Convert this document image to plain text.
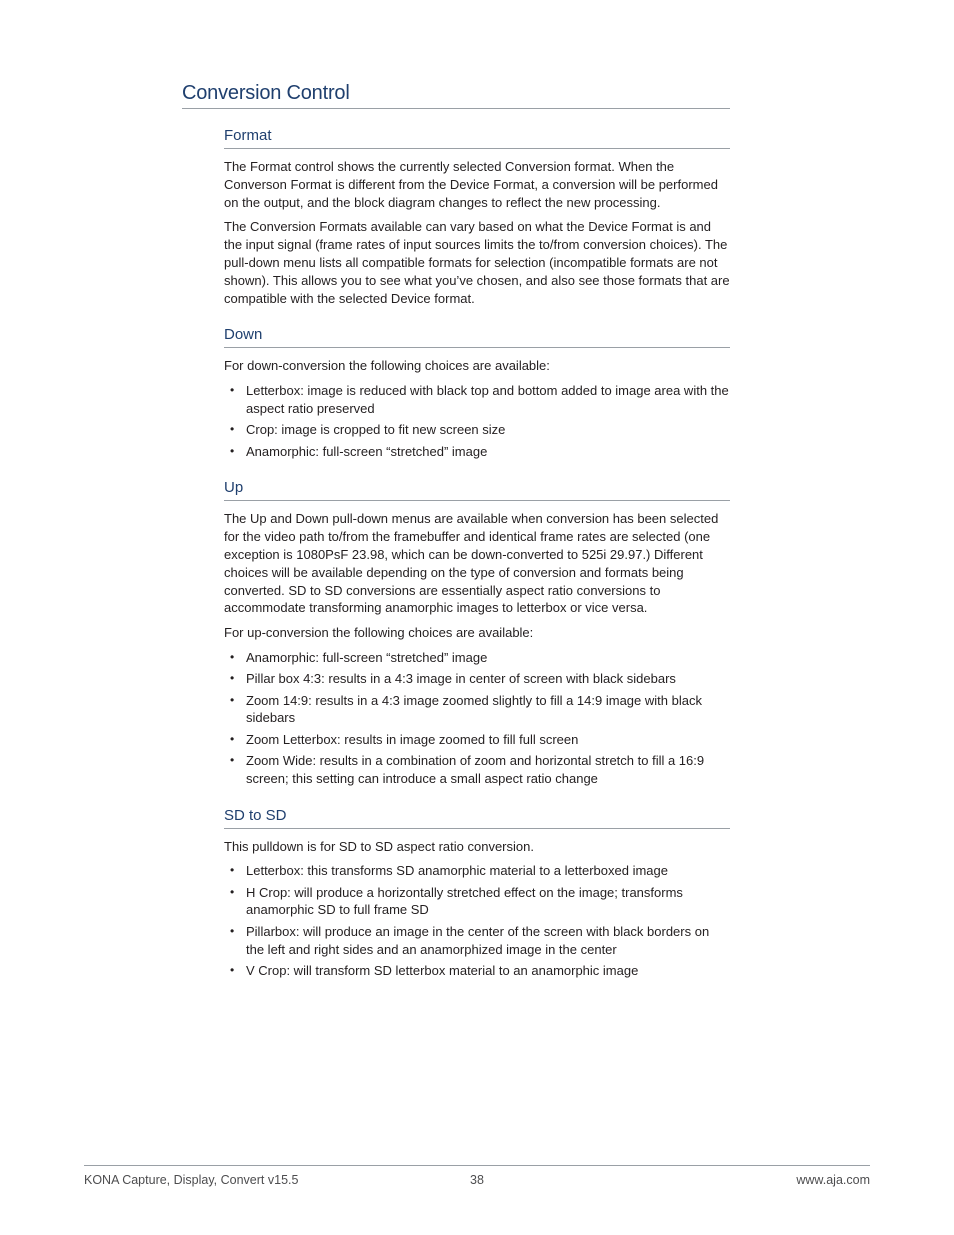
Conversion Control
Format

The Format control shows the currently selected Conversion format. When the Converson Format is different from the Device Format, a conversion will be performed on the output, and the block diagram changes to reflect the new processing.

The Conversion Formats available can vary based on what the Device Format is and the input signal (frame rates of input sources limits the to/from conversion choices). The pull-down menu lists all compatible formats for selection (incompatible formats are not shown). This allows you to see what you’ve chosen, and also see those formats that are compatible with the selected Device format.

Down

For down-conversion the following choices are available:

• Letterbox: image is reduced with black top and bottom added to image area with the aspect ratio preserved
• Crop: image is cropped to fit new screen size
• Anamorphic: full-screen “stretched” image
Up

The Up and Down pull-down menus are available when conversion has been selected for the video path to/from the framebuffer and identical frame rates are selected (one exception is 1080PsF 23.98, which can be down-converted to 525i 29.97.) Different choices will be available depending on the type of conversion and formats being converted. SD to SD conversions are essentially aspect ratio conversions to accommodate transforming anamorphic images to letterbox or vice versa.

For up-conversion the following choices are available:

• Anamorphic: full-screen “stretched” image
• Pillar box 4:3: results in a 4:3 image in center of screen with black sidebars
• Zoom 14:9: results in a 4:3 image zoomed slightly to fill a 14:9 image with black sidebars
• Zoom Letterbox: results in image zoomed to fill full screen
• Zoom Wide: results in a combination of zoom and horizontal stretch to fill a 16:9 screen; this setting can introduce a small aspect ratio change
SD to SD

This pulldown is for SD to SD aspect ratio conversion.

• Letterbox: this transforms SD anamorphic material to a letterboxed image
• H Crop: will produce a horizontally stretched effect on the image; transforms anamorphic SD to full frame SD
• Pillarbox: will produce an image in the center of the screen with black borders on the left and right sides and an anamorphized image in the center
• V Crop: will transform SD letterbox material to an anamorphic image
KONA Capture, Display, Convert v15.5	38	www.aja.com
